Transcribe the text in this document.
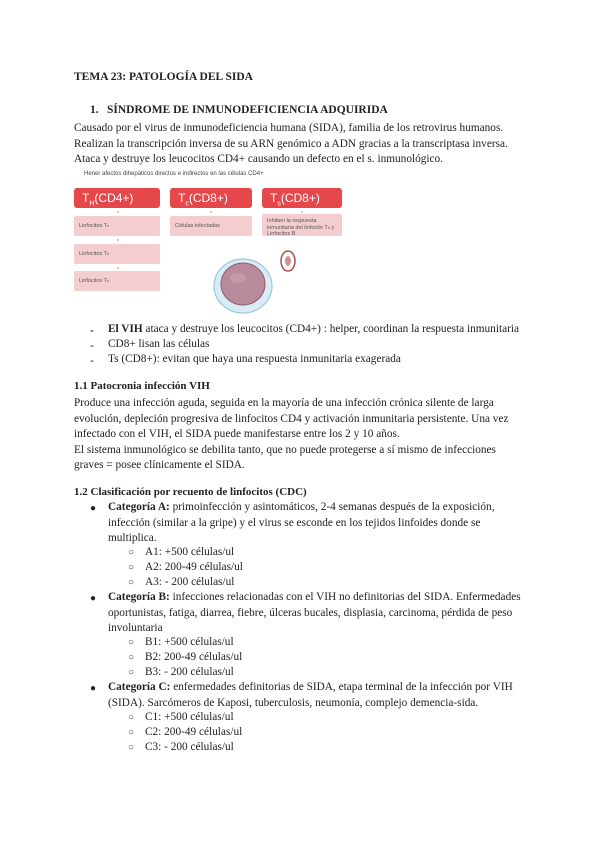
TEMA 23: PATOLOGÍA DEL SIDA
1. SÍNDROME DE INMUNODEFICIENCIA ADQUIRIDA
Causado por el virus de inmunodeficiencia humana (SIDA), familia de los retrovirus humanos.
Realizan la transcripción inversa de su ARN genómico a ADN gracias a la transcriptasa inversa.
Ataca y destruye los leucocitos CD4+ causando un defecto en el s. inmunológico.
Hener afectos dihepáticos directos e indirectos en las células CD4+
$T_H(CD4+)$	$T_c(CD8+)$	$T_s(CD8+)$
Linfocitos Tₕ
Linfocitos Tₕ
Linfocitos Tₕ
Células infectadas
Inhiben la respuesta inmunitaria del linfocito Tₕ y Linfocitos B
- El VIH ataca y destruye los leucocitos (CD4+) : helper, coordinan la respuesta inmunitaria
- CD8+ lisan las células
- Ts (CD8+): evitan que haya una respuesta inmunitaria exagerada
1.1 Patocronia infección VIH
Produce una infección aguda, seguida en la mayoría de una infección crónica silente de larga
evolución, depleción progresiva de linfocitos CD4 y activación inmunitaria persistente. Una vez
infectado con el VIH, el SIDA puede manifestarse entre los 2 y 10 años.
El sistema inmunológico se debilita tanto, que no puede protegerse a sí mismo de infecciones
graves = posee clínicamente el SIDA.
1.2 Clasificación por recuento de linfocitos (CDC)
● Categoría A: primoinfección y asintomáticos, 2-4 semanas después de la exposición,
infección (similar a la gripe) y el virus se esconde en los tejidos linfoides donde se
multiplica.
○ A1: +500 células/ul
○ A2: 200-49 células/ul
○ A3: - 200 células/ul
● Categoría B: infecciones relacionadas con el VIH no definitorias del SIDA. Enfermedades
oportunistas, fatiga, diarrea, fiebre, úlceras bucales, displasia, carcinoma, pérdida de peso
involuntaria
○ B1: +500 células/ul
○ B2: 200-49 células/ul
○ B3: - 200 células/ul
● Categoría C: enfermedades definitorias de SIDA, etapa terminal de la infección por VIH
(SIDA). Sarcómeros de Kaposi, tuberculosis, neumonía, complejo demencia-sida.
○ C1: +500 células/ul
○ C2: 200-49 células/ul
○ C3: - 200 células/ul
